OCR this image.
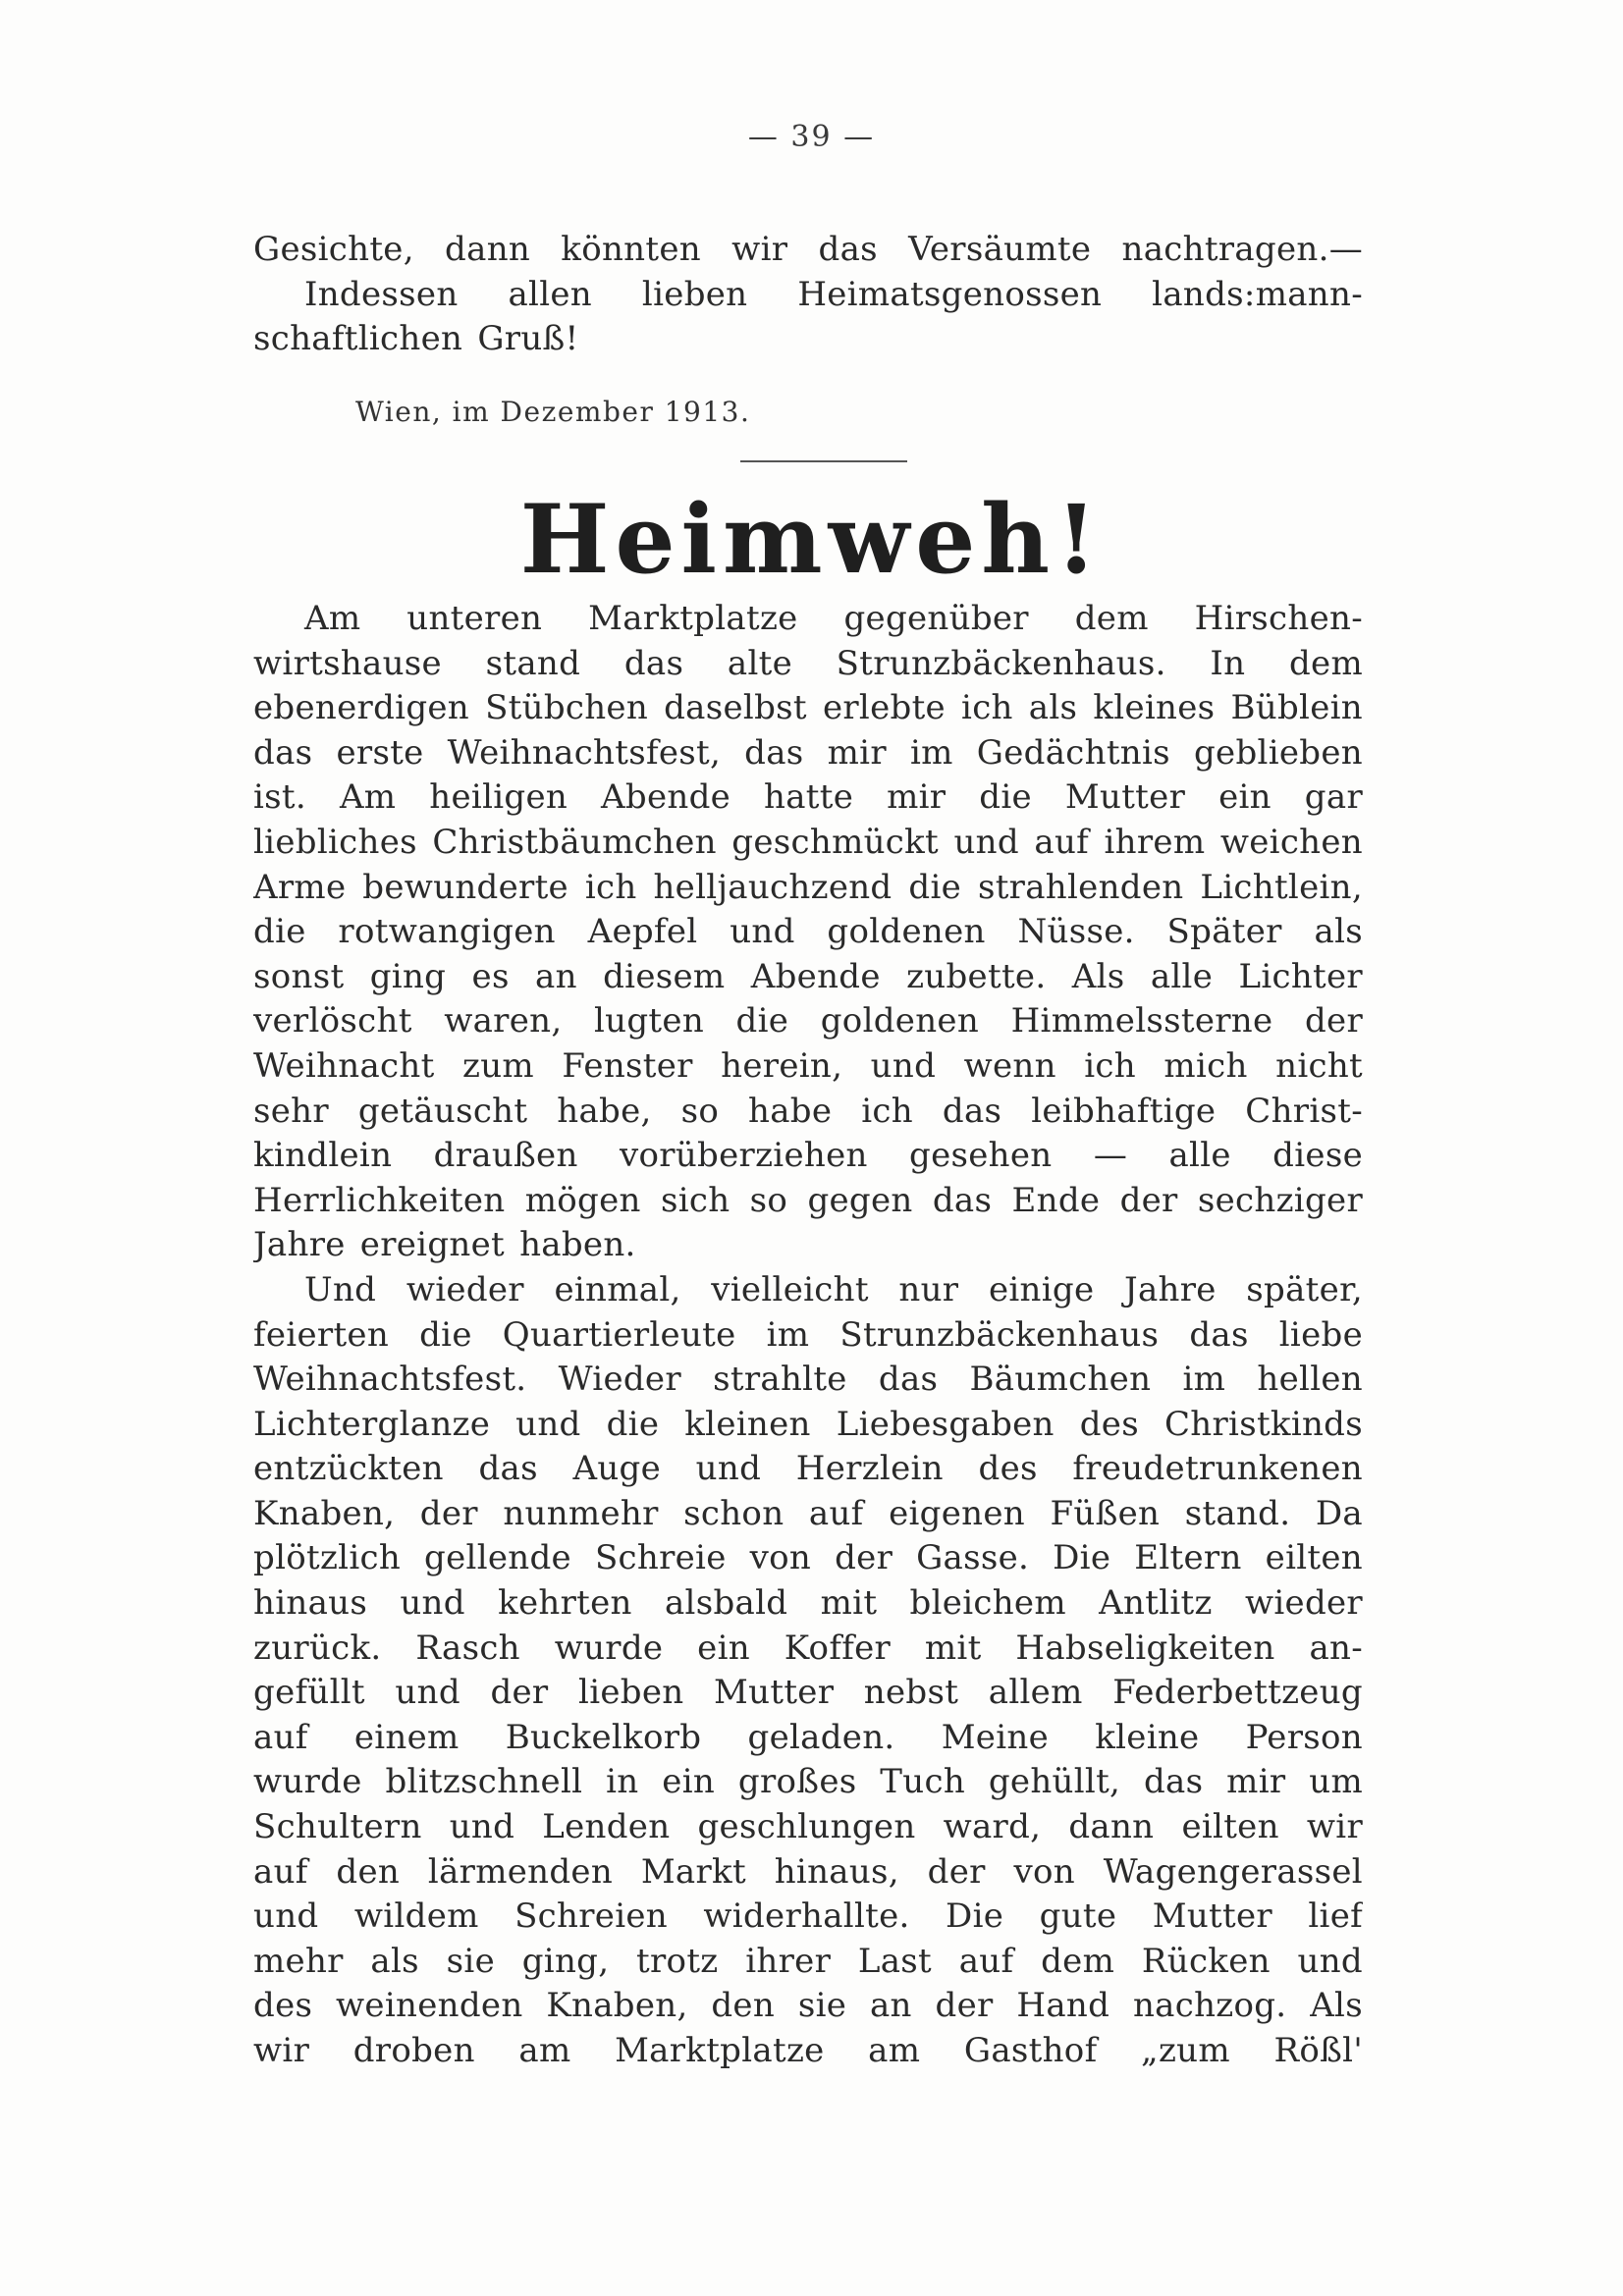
— 39 —
Gesichte, dann könnten wir das Versäumte nachtragen.—
Indessen allen lieben Heimatsgenossen lands:mann-
schaftlichen Gruß!
Wien, im Dezember 1913.
Heimweh!
Am unteren Marktplatze gegenüber dem Hirschen-
wirtshause stand das alte Strunzbäckenhaus. In dem
ebenerdigen Stübchen daselbst erlebte ich als kleines Büblein
das erste Weihnachtsfest, das mir im Gedächtnis geblieben
ist. Am heiligen Abende hatte mir die Mutter ein gar
liebliches Christbäumchen geschmückt und auf ihrem weichen
Arme bewunderte ich helljauchzend die strahlenden Lichtlein,
die rotwangigen Aepfel und goldenen Nüsse. Später als
sonst ging es an diesem Abende zubette. Als alle Lichter
verlöscht waren, lugten die goldenen Himmelssterne der
Weihnacht zum Fenster herein, und wenn ich mich nicht
sehr getäuscht habe, so habe ich das leibhaftige Christ-
kindlein draußen vorüberziehen gesehen — alle diese
Herrlichkeiten mögen sich so gegen das Ende der sechziger
Jahre ereignet haben.
Und wieder einmal, vielleicht nur einige Jahre später,
feierten die Quartierleute im Strunzbäckenhaus das liebe
Weihnachtsfest. Wieder strahlte das Bäumchen im hellen
Lichterglanze und die kleinen Liebesgaben des Christkinds
entzückten das Auge und Herzlein des freudetrunkenen
Knaben, der nunmehr schon auf eigenen Füßen stand. Da
plötzlich gellende Schreie von der Gasse. Die Eltern eilten
hinaus und kehrten alsbald mit bleichem Antlitz wieder
zurück. Rasch wurde ein Koffer mit Habseligkeiten an-
gefüllt und der lieben Mutter nebst allem Federbettzeug
auf einem Buckelkorb geladen. Meine kleine Person
wurde blitzschnell in ein großes Tuch gehüllt, das mir um
Schultern und Lenden geschlungen ward, dann eilten wir
auf den lärmenden Markt hinaus, der von Wagengerassel
und wildem Schreien widerhallte. Die gute Mutter lief
mehr als sie ging, trotz ihrer Last auf dem Rücken und
des weinenden Knaben, den sie an der Hand nachzog. Als
wir droben am Marktplatze am Gasthof „zum Rößl'
